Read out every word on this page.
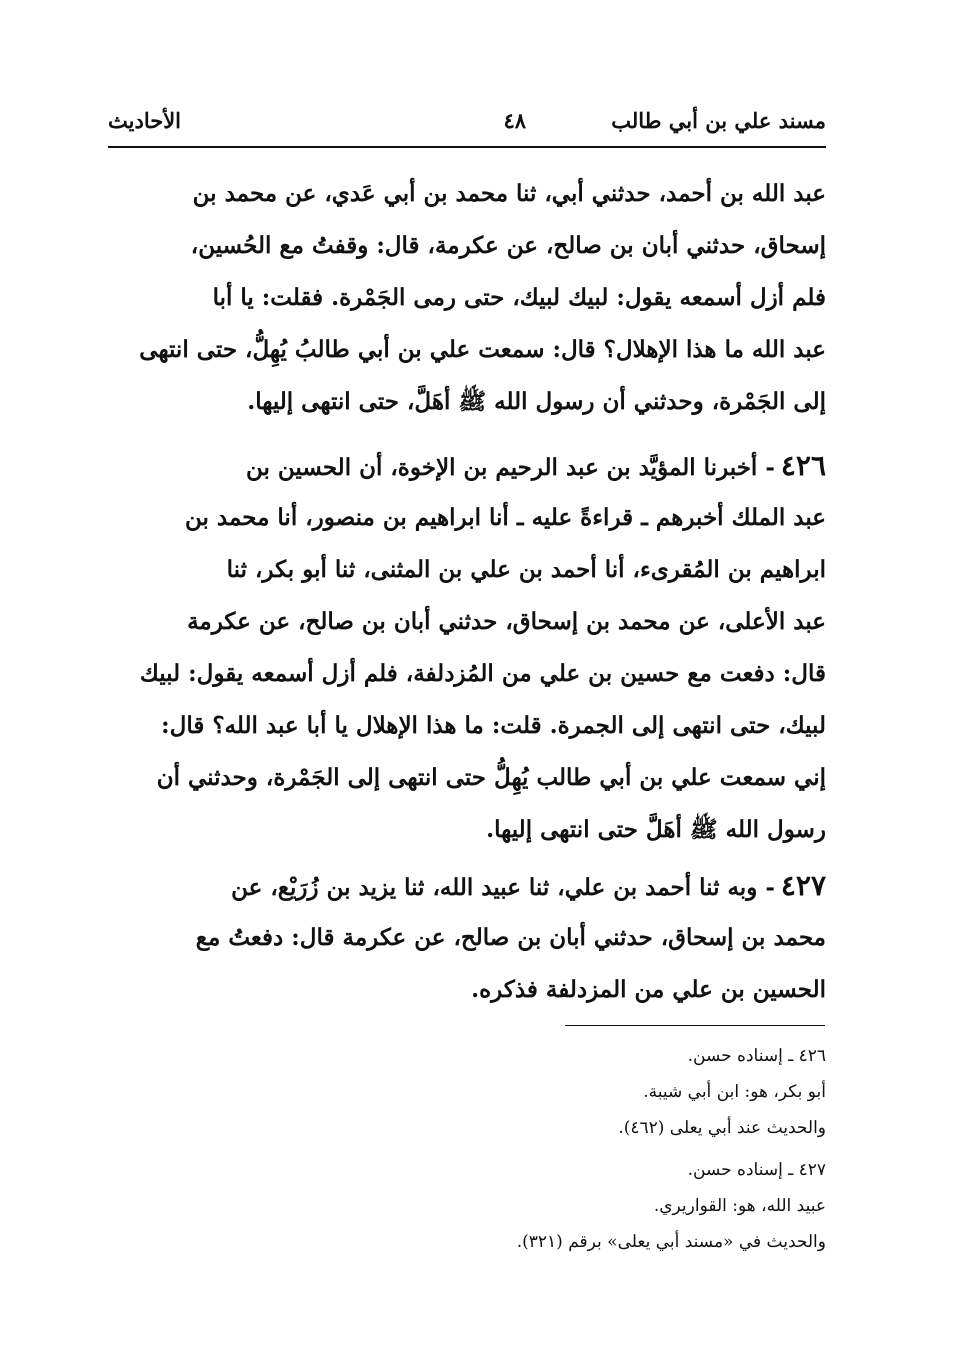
مسند علي بن أبي طالب
٤٨
الأحاديث
عبد الله بن أحمد، حدثني أبي، ثنا محمد بن أبي عَدي، عن محمد بن
إسحاق، حدثني أبان بن صالح، عن عكرمة، قال: وقفتُ مع الحُسين،
فلم أزل أسمعه يقول: لبيك لبيك، حتى رمى الجَمْرة. فقلت: يا أبا
عبد الله ما هذا الإهلال؟ قال: سمعت علي بن أبي طالبُ يُهِلُّ، حتى انتهى
إلى الجَمْرة، وحدثني أن رسول الله ﷺ أهَلَّ، حتى انتهى إليها.
٤٢٦- أخبرنا المؤيَّد بن عبد الرحيم بن الإخوة، أن الحسين بن
عبد الملك أخبرهم ـ قراءةً عليه ـ أنا ابراهيم بن منصور، أنا محمد بن
ابراهيم بن المُقرىء، أنا أحمد بن علي بن المثنى، ثنا أبو بكر، ثنا
عبد الأعلى، عن محمد بن إسحاق، حدثني أبان بن صالح، عن عكرمة
قال: دفعت مع حسين بن علي من المُزدلفة، فلم أزل أسمعه يقول: لبيك
لبيك، حتى انتهى إلى الجمرة. قلت: ما هذا الإهلال يا أبا عبد الله؟ قال:
إني سمعت علي بن أبي طالب يُهِلُّ حتى انتهى إلى الجَمْرة، وحدثني أن
رسول الله ﷺ أهَلَّ حتى انتهى إليها.
٤٢٧- وبه ثنا أحمد بن علي، ثنا عبيد الله، ثنا يزيد بن زُرَيْع، عن
محمد بن إسحاق، حدثني أبان بن صالح، عن عكرمة قال: دفعتُ مع
الحسين بن علي من المزدلفة فذكره.
٤٢٦ ـ إسناده حسن.
أبو بكر، هو: ابن أبي شيبة.
والحديث عند أبي يعلى (٤٦٢).
٤٢٧ ـ إسناده حسن.
عبيد الله، هو: القواريري.
والحديث في «مسند أبي يعلى» برقم (٣٢١).
